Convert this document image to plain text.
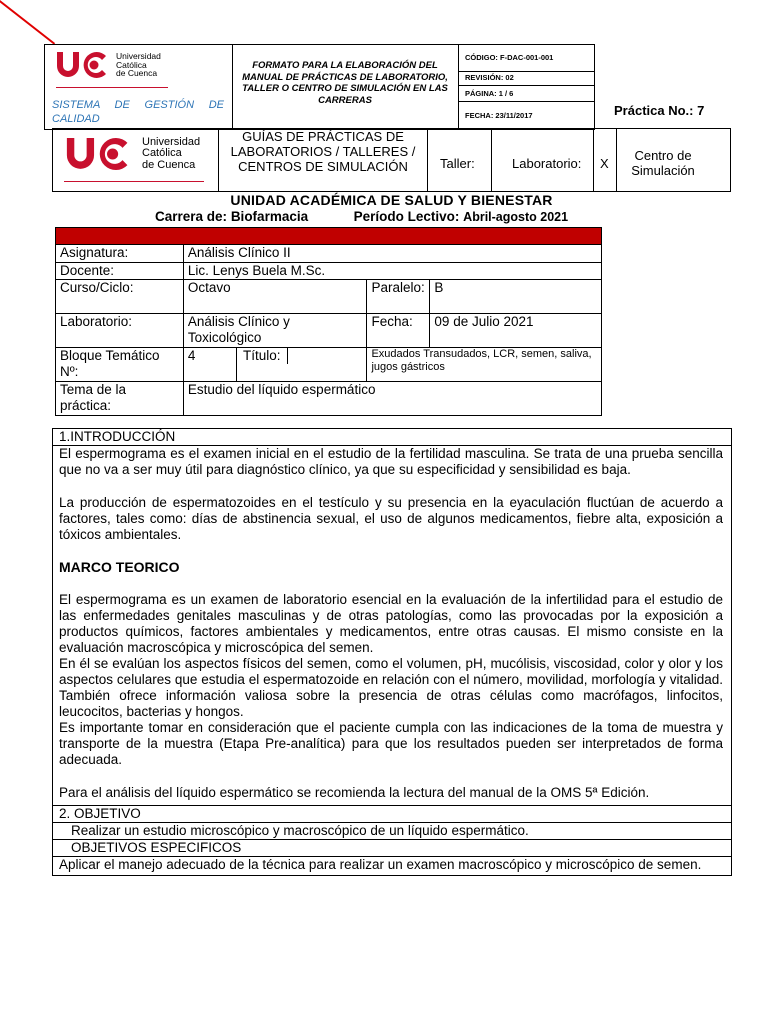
Universidad
Católica
de Cuenca
SISTEMA DE GESTIÓN DE CALIDAD
FORMATO PARA LA ELABORACIÓN DEL MANUAL DE PRÁCTICAS DE LABORATORIO, TALLER O CENTRO DE SIMULACIÓN EN LAS CARRERAS
CÓDIGO: F-DAC-001-001
REVISIÓN: 02
PÁGINA: 1 / 6
FECHA: 23/11/2017	Práctica No.: 7
Universidad
Católica
de Cuenca
GUÍAS DE PRÁCTICAS DE LABORATORIOS / TALLERES / CENTROS DE SIMULACIÓN	Taller:	Laboratorio: X
Centro de Simulación
UNIDAD ACADÉMICA DE SALUD Y BIENESTAR
Carrera de: Biofarmacia	Período Lectivo: Abril-agosto 2021

Asignatura:	Análisis Clínico II			
Docente:	Lic. Lenys Buela M.Sc.			
Curso/Ciclo:	Octavo		Paralelo:	B
Laboratorio:	Análisis Clínico y Toxicológico		Fecha:	09 de Julio 2021
Bloque Temático Nº:	4	Título:	Exudados Transudados, LCR, semen, saliva, jugos gástricos	
Tema de la práctica:	Estudio del líquido espermático			
1.INTRODUCCIÓN

El espermograma es el examen inicial en el estudio de la fertilidad masculina. Se trata de una prueba sencilla que no va a ser muy útil para diagnóstico clínico, ya que su especificidad y sensibilidad es baja.

La producción de espermatozoides en el testículo y su presencia en la eyaculación fluctúan de acuerdo a factores, tales como: días de abstinencia sexual, el uso de algunos medicamentos, fiebre alta, exposición a tóxicos ambientales.

MARCO TEORICO

El espermograma es un examen de laboratorio esencial en la evaluación de la infertilidad para el estudio de las enfermedades genitales masculinas y de otras patologías, como las provocadas por la exposición a productos químicos, factores ambientales y medicamentos, entre otras causas. El mismo consiste en la evaluación macroscópica y microscópica del semen.

En él se evalúan los aspectos físicos del semen, como el volumen, pH, mucólisis, viscosidad, color y olor y los aspectos celulares que estudia el espermatozoide en relación con el número, movilidad, morfología y vitalidad. También ofrece información valiosa sobre la presencia de otras células como macrófagos, linfocitos, leucocitos, bacterias y hongos.

Es importante tomar en consideración que el paciente cumpla con las indicaciones de la toma de muestra y transporte de la muestra (Etapa Pre-analítica) para que los resultados pueden ser interpretados de forma adecuada.

Para el análisis del líquido espermático se recomienda la lectura del manual de la OMS 5ª Edición.

2. OBJETIVO
Realizar un estudio microscópico y macroscópico de un líquido espermático.
OBJETIVOS ESPECIFICOS
Aplicar el manejo adecuado de la técnica para realizar un examen macroscópico y microscópico de semen.
